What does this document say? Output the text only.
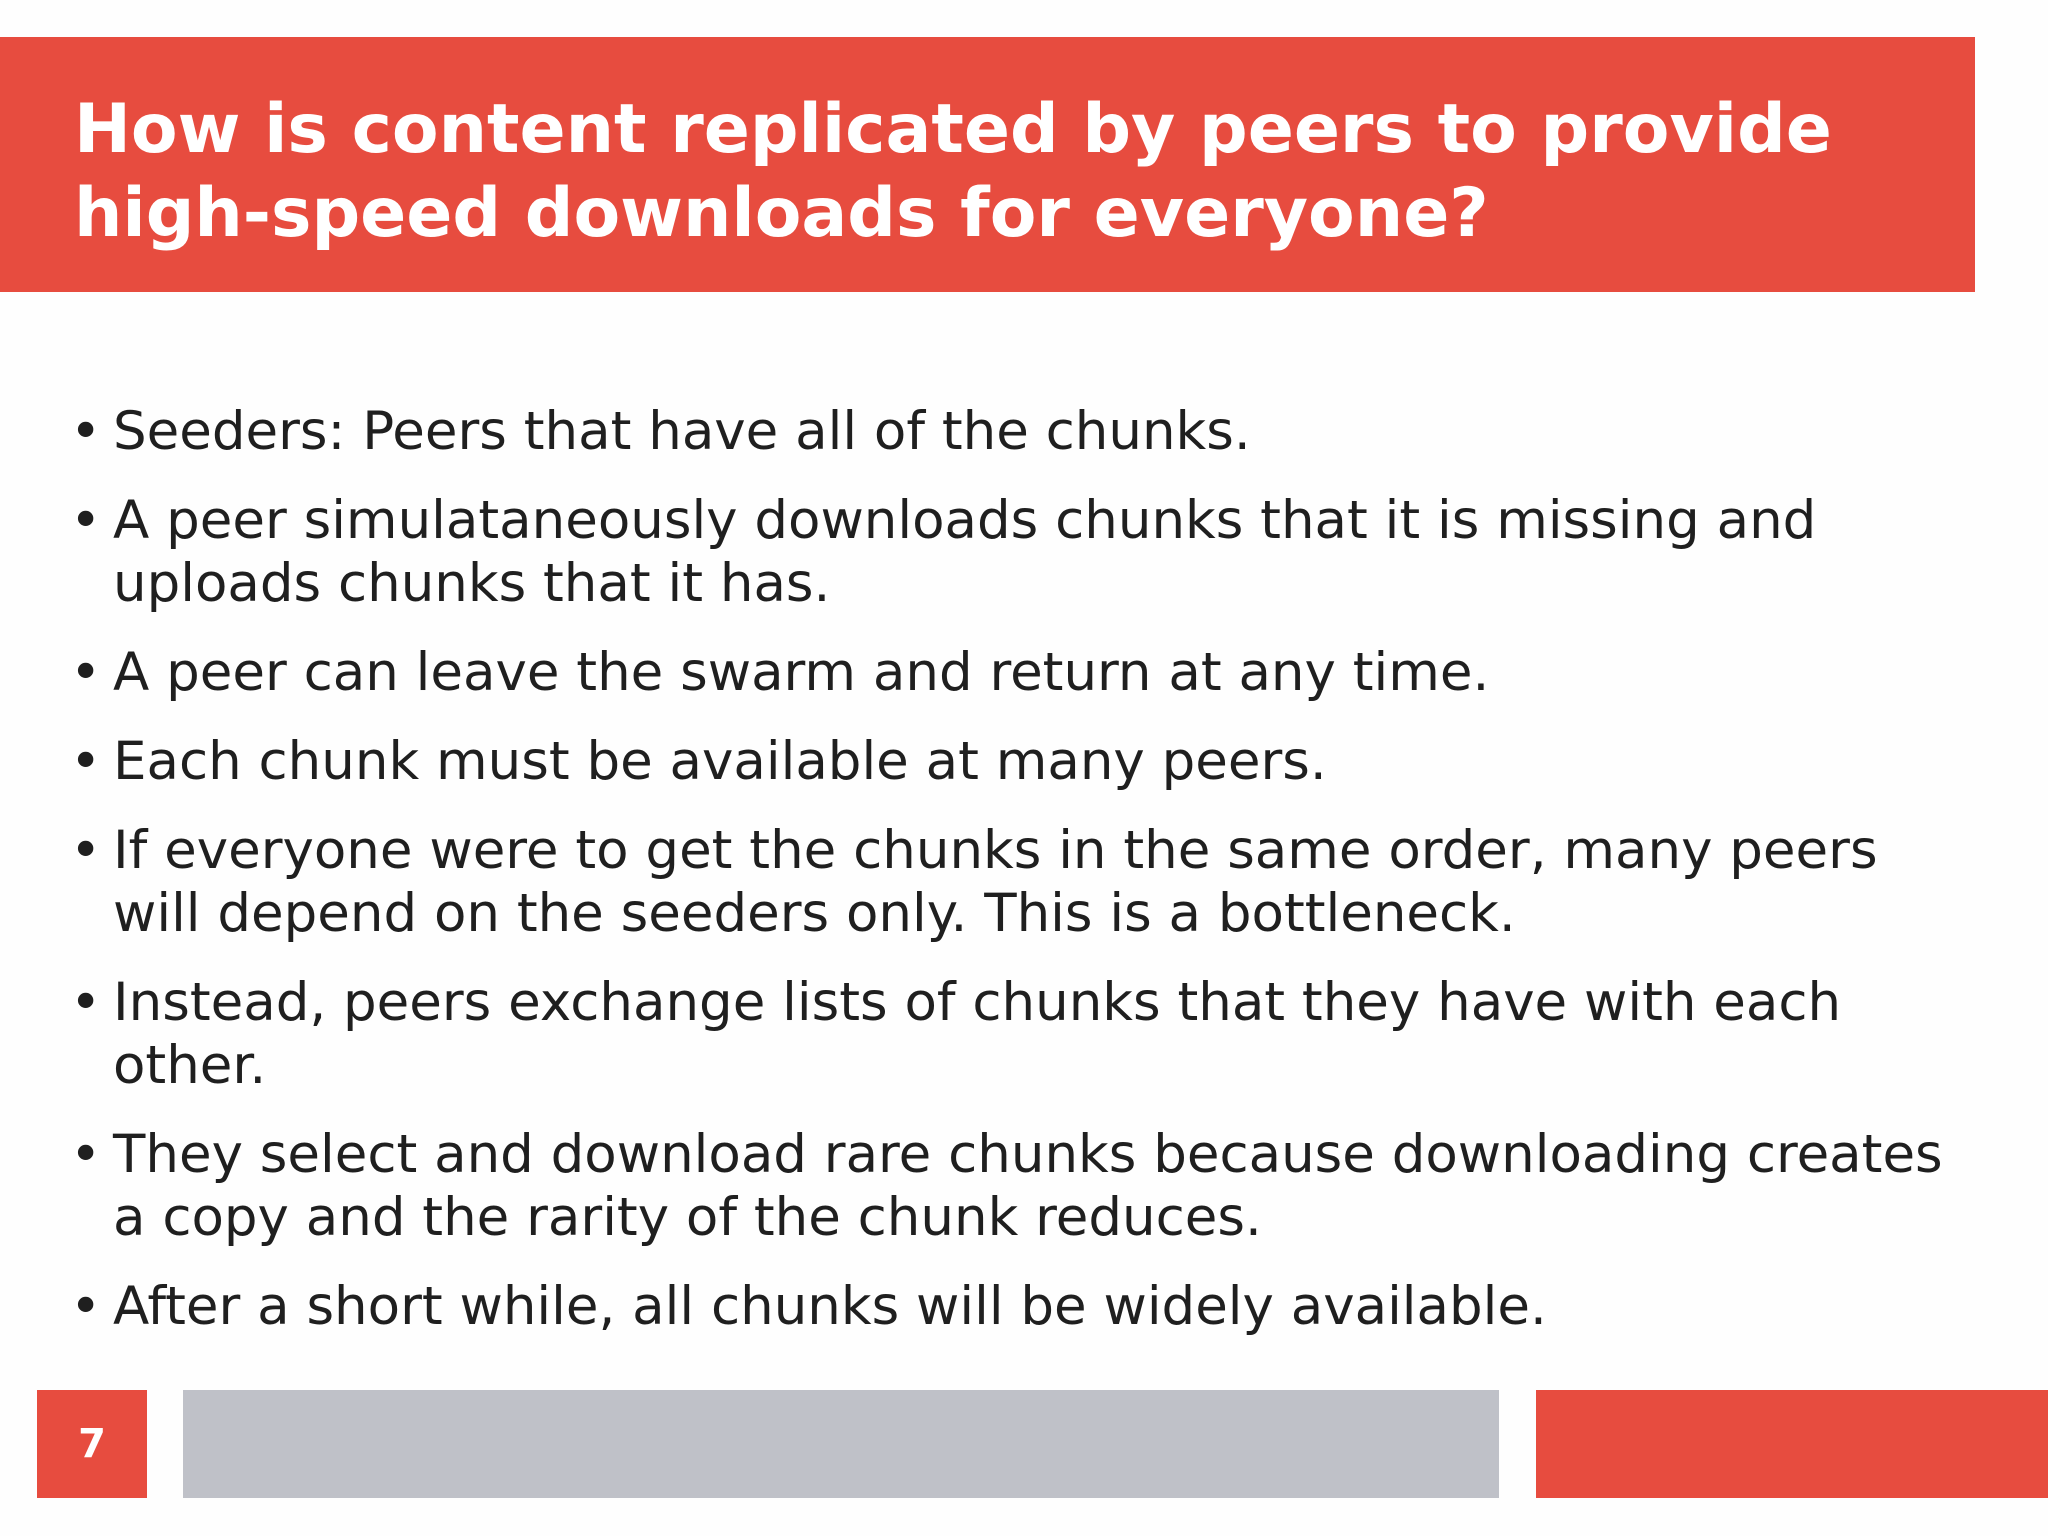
How is content replicated by peers to provide high-speed downloads for everyone?
• Seeders: Peers that have all of the chunks.
• A peer simulataneously downloads chunks that it is missing and uploads chunks that it has.
• A peer can leave the swarm and return at any time.
• Each chunk must be available at many peers.
• If everyone were to get the chunks in the same order, many peers will depend on the seeders only. This is a bottleneck.
• Instead, peers exchange lists of chunks that they have with each other.
• They select and download rare chunks because downloading creates a copy and the rarity of the chunk reduces.
• After a short while, all chunks will be widely available.
7
